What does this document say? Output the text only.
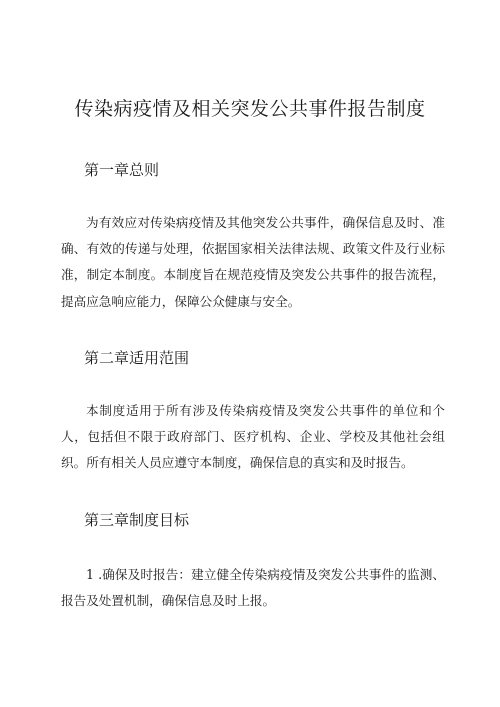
传染病疫情及相关突发公共事件报告制度
第一章总则

为有效应对传染病疫情及其他突发公共事件，确保信息及时、准确、有效的传递与处理，依据国家相关法律法规、政策文件及行业标准，制定本制度。本制度旨在规范疫情及突发公共事件的报告流程，提高应急响应能力，保障公众健康与安全。

第二章适用范围

本制度适用于所有涉及传染病疫情及突发公共事件的单位和个人，包括但不限于政府部门、医疗机构、企业、学校及其他社会组织。所有相关人员应遵守本制度，确保信息的真实和及时报告。

第三章制度目标

1 .确保及时报告：建立健全传染病疫情及突发公共事件的监测、报告及处置机制，确保信息及时上报。
